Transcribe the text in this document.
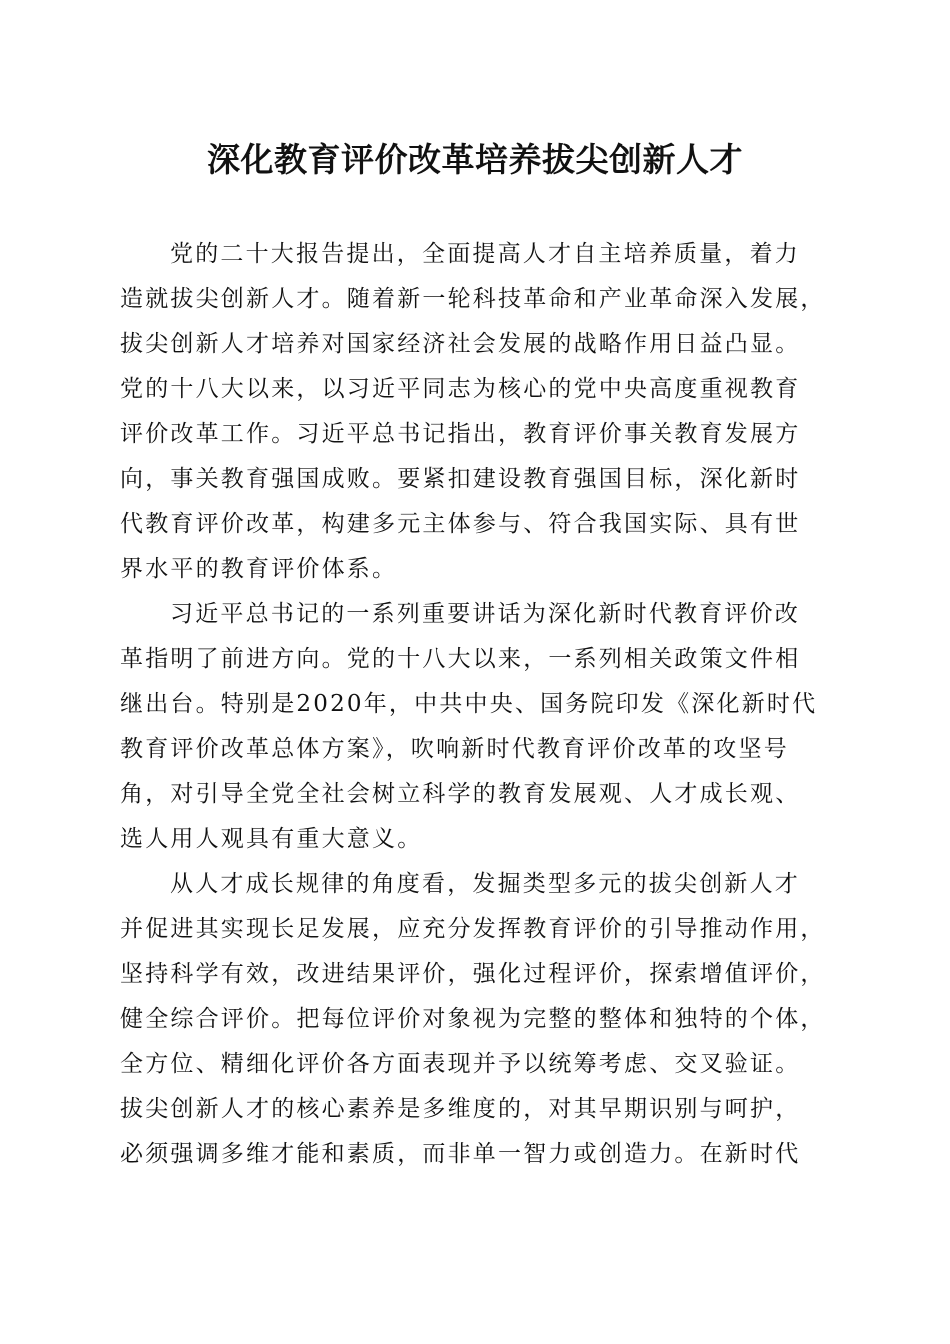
深化教育评价改革培养拔尖创新人才
党的二十大报告提出，全面提高人才自主培养质量，着力
造就拔尖创新人才。随着新一轮科技革命和产业革命深入发展，
拔尖创新人才培养对国家经济社会发展的战略作用日益凸显。
党的十八大以来，以习近平同志为核心的党中央高度重视教育
评价改革工作。习近平总书记指出，教育评价事关教育发展方
向，事关教育强国成败。要紧扣建设教育强国目标，深化新时
代教育评价改革，构建多元主体参与、符合我国实际、具有世
界水平的教育评价体系。
习近平总书记的一系列重要讲话为深化新时代教育评价改
革指明了前进方向。党的十八大以来，一系列相关政策文件相
继出台。特别是2020年，中共中央、国务院印发《深化新时代
教育评价改革总体方案》，吹响新时代教育评价改革的攻坚号
角，对引导全党全社会树立科学的教育发展观、人才成长观、
选人用人观具有重大意义。
从人才成长规律的角度看，发掘类型多元的拔尖创新人才
并促进其实现长足发展，应充分发挥教育评价的引导推动作用，
坚持科学有效，改进结果评价，强化过程评价，探索增值评价，
健全综合评价。把每位评价对象视为完整的整体和独特的个体，
全方位、精细化评价各方面表现并予以统筹考虑、交叉验证。
拔尖创新人才的核心素养是多维度的，对其早期识别与呵护，
必须强调多维才能和素质，而非单一智力或创造力。在新时代
